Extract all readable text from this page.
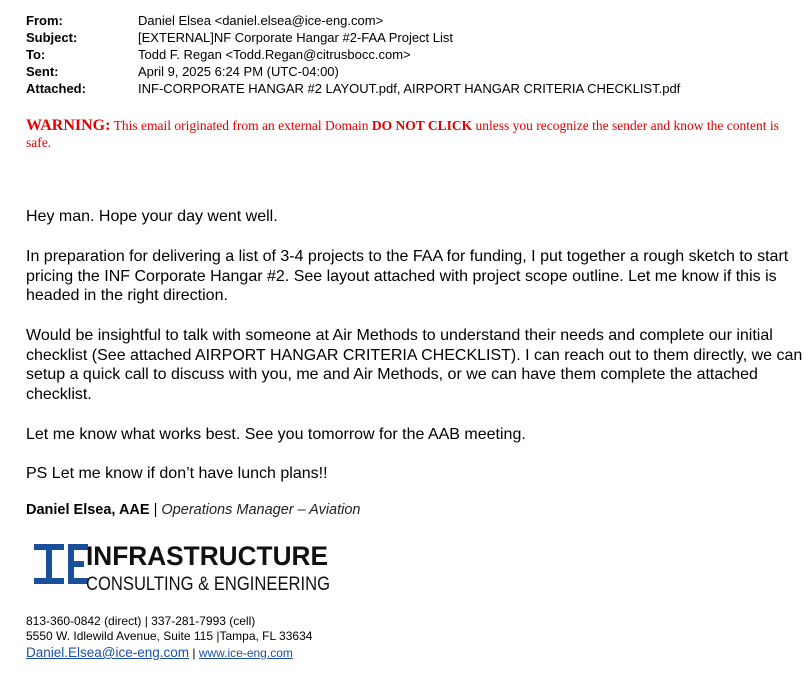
From:	Daniel Elsea <daniel.elsea@ice-eng.com>
Subject:	[EXTERNAL]NF Corporate Hangar #2-FAA Project List
To:	Todd F. Regan <Todd.Regan@citrusbocc.com>
Sent:	April 9, 2025 6:24 PM (UTC-04:00)
Attached:	INF-CORPORATE HANGAR #2 LAYOUT.pdf, AIRPORT HANGAR CRITERIA CHECKLIST.pdf
WARNING: This email originated from an external Domain DO NOT CLICK unless you recognize the sender and know the content is safe.
Hey man. Hope your day went well.
In preparation for delivering a list of 3-4 projects to the FAA for funding, I put together a rough sketch to start pricing the INF Corporate Hangar #2. See layout attached with project scope outline. Let me know if this is headed in the right direction.
Would be insightful to talk with someone at Air Methods to understand their needs and complete our initial checklist (See attached AIRPORT HANGAR CRITERIA CHECKLIST). I can reach out to them directly, we can setup a quick call to discuss with you, me and Air Methods, or we can have them complete the attached checklist.
Let me know what works best. See you tomorrow for the AAB meeting.
PS Let me know if don’t have lunch plans!!
Daniel Elsea, AAE | Operations Manager – Aviation
INFRASTRUCTURE
CONSULTING & ENGINEERING
813-360-0842 (direct) | 337-281-7993 (cell)
5550 W. Idlewild Avenue, Suite 115 |Tampa, FL 33634
Daniel.Elsea@ice-eng.com | www.ice-eng.com
